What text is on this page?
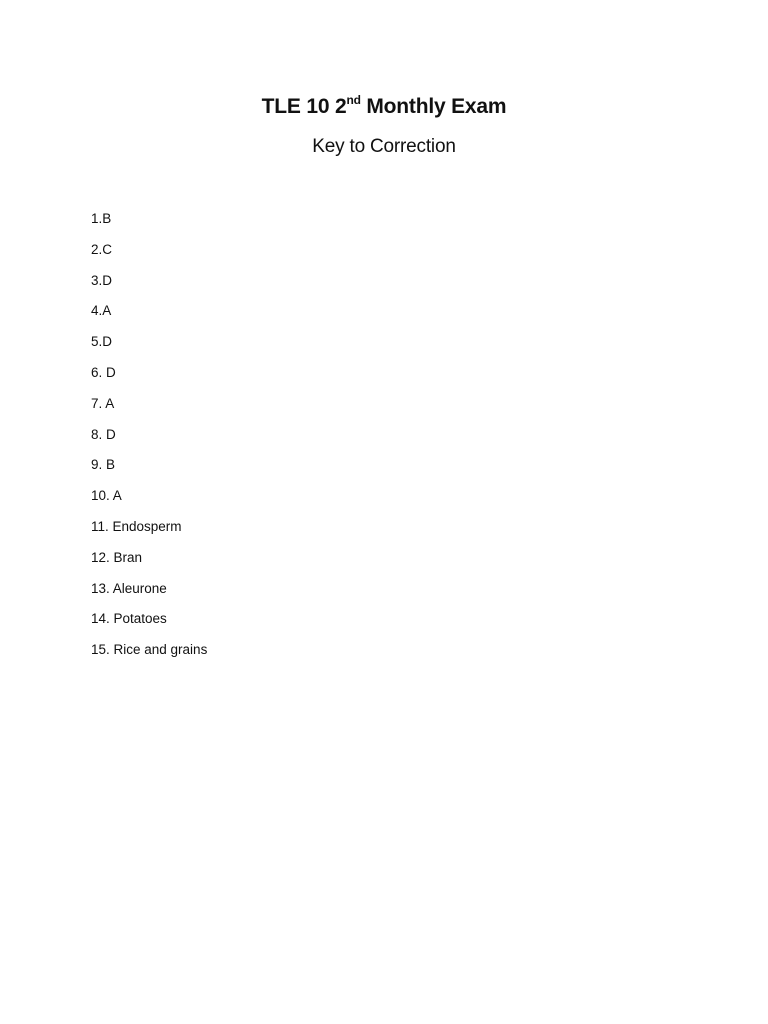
TLE 10 2nd Monthly Exam
Key to Correction
1.B
2.C
3.D
4.A
5.D
6. D
7. A
8. D
9. B
10. A
11. Endosperm
12. Bran
13. Aleurone
14. Potatoes
15. Rice and grains
